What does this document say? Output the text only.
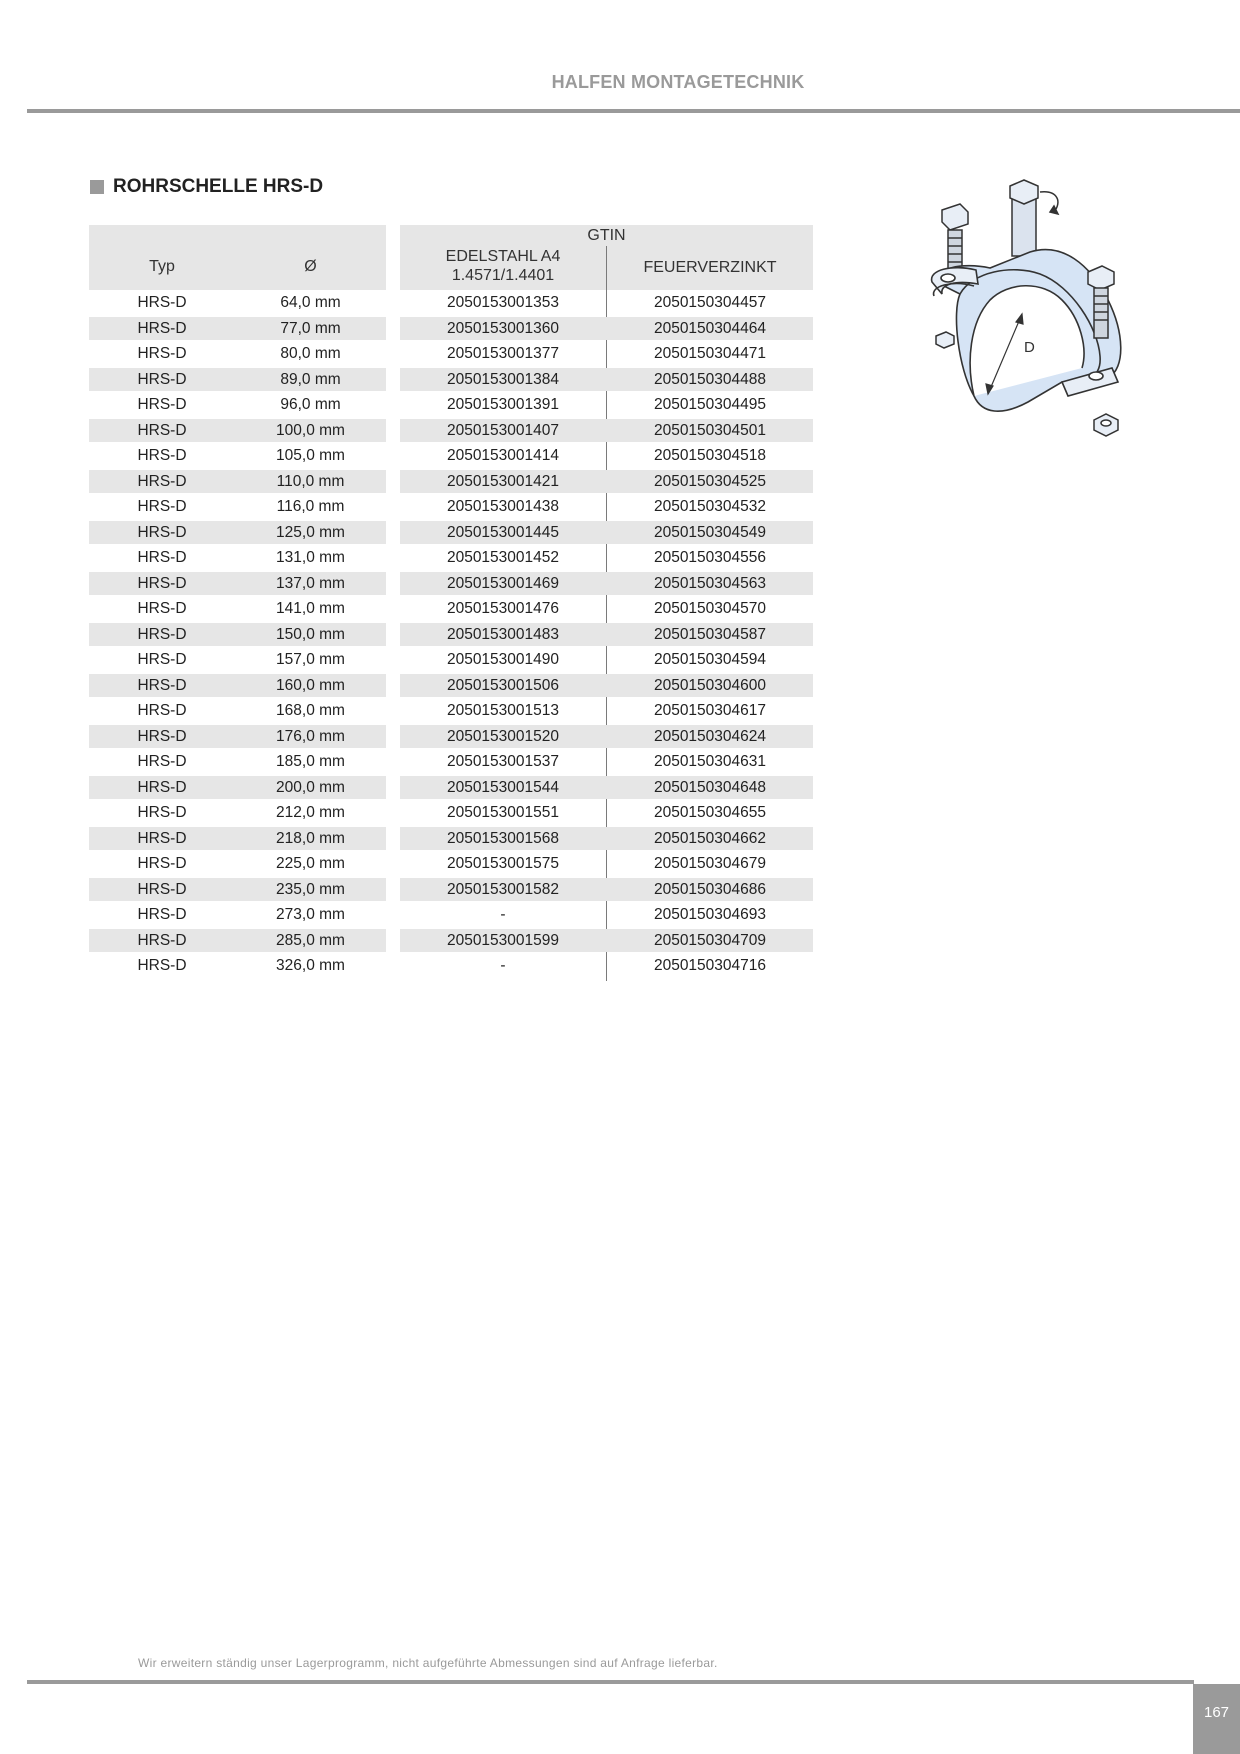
HALFEN MONTAGETECHNIK
ROHRSCHELLE HRS-D
Typ	Ø
GTIN
EDELSTAHL A4
1.4571/1.4401	FEUERVERZINKT
HRS-D	64,0 mm	2050153001353	2050150304457
HRS-D	77,0 mm	2050153001360	2050150304464
HRS-D	80,0 mm	2050153001377	2050150304471
HRS-D	89,0 mm	2050153001384	2050150304488
HRS-D	96,0 mm	2050153001391	2050150304495
HRS-D	100,0 mm	2050153001407	2050150304501
HRS-D	105,0 mm	2050153001414	2050150304518
HRS-D	110,0 mm	2050153001421	2050150304525
HRS-D	116,0 mm	2050153001438	2050150304532
HRS-D	125,0 mm	2050153001445	2050150304549
HRS-D	131,0 mm	2050153001452	2050150304556
HRS-D	137,0 mm	2050153001469	2050150304563
HRS-D	141,0 mm	2050153001476	2050150304570
HRS-D	150,0 mm	2050153001483	2050150304587
HRS-D	157,0 mm	2050153001490	2050150304594
HRS-D	160,0 mm	2050153001506	2050150304600
HRS-D	168,0 mm	2050153001513	2050150304617
HRS-D	176,0 mm	2050153001520	2050150304624
HRS-D	185,0 mm	2050153001537	2050150304631
HRS-D	200,0 mm	2050153001544	2050150304648
HRS-D	212,0 mm	2050153001551	2050150304655
HRS-D	218,0 mm	2050153001568	2050150304662
HRS-D	225,0 mm	2050153001575	2050150304679
HRS-D	235,0 mm	2050153001582	2050150304686
HRS-D	273,0 mm	-	2050150304693
HRS-D	285,0 mm	2050153001599	2050150304709
HRS-D	326,0 mm	-	2050150304716
D
Wir erweitern ständig unser Lagerprogramm, nicht aufgeführte Abmessungen sind auf Anfrage lieferbar.
167
